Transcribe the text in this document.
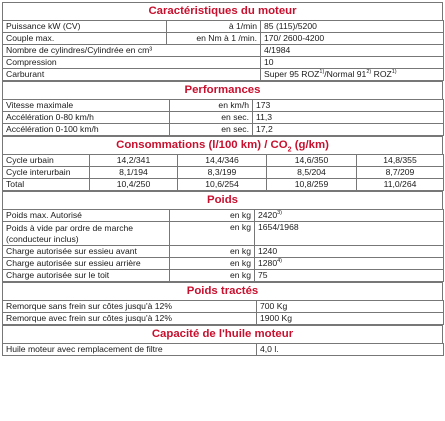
Caractéristiques du moteur
Puissance kW (CV)	à 1/min	85 (115)/5200
Couple max.	en Nm à 1 /min.	170/ 2600-4200
Nombre de cylindres/Cylindrée en cm³		4/1984
Compression		10
Carburant		Super 95 ROZ$^{1)}$/Normal 91$^{2)}$ ROZ$^{1)}$
Performances
Vitesse maximale	en km/h	173
Accélération 0-80 km/h	en sec.	11,3
Accélération 0-100 km/h	en sec.	17,2
Consommations (l/100 $km) / CO_2$ (g/km)
Cycle urbain	14,2/341	14,4/346	14,6/350	14,8/355
Cycle interurbain	8,1/194	8,3/199	8,5/204	8,7/209
Total	10,4/250	10,6/254	10,8/259	11,0/264
Poids
Poids max. Autorisé	en kg	2420$^{3)}$
Poids à vide par ordre de marche
(conducteur inclus)	en kg	1654/1968
Charge autorisée sur essieu avant	en kg	1240
Charge autorisée sur essieu arrière	en kg	1280$^{4)}$
Charge autorisée sur le toit	en kg	75
Poids tractés
Remorque sans frein sur côtes jusqu'à 12%	700 Kg
Remorque avec frein sur côtes jusqu'à 12%	1900 Kg
Capacité de l'huile moteur
Huile moteur avec remplacement de filtre	4,0 l.
